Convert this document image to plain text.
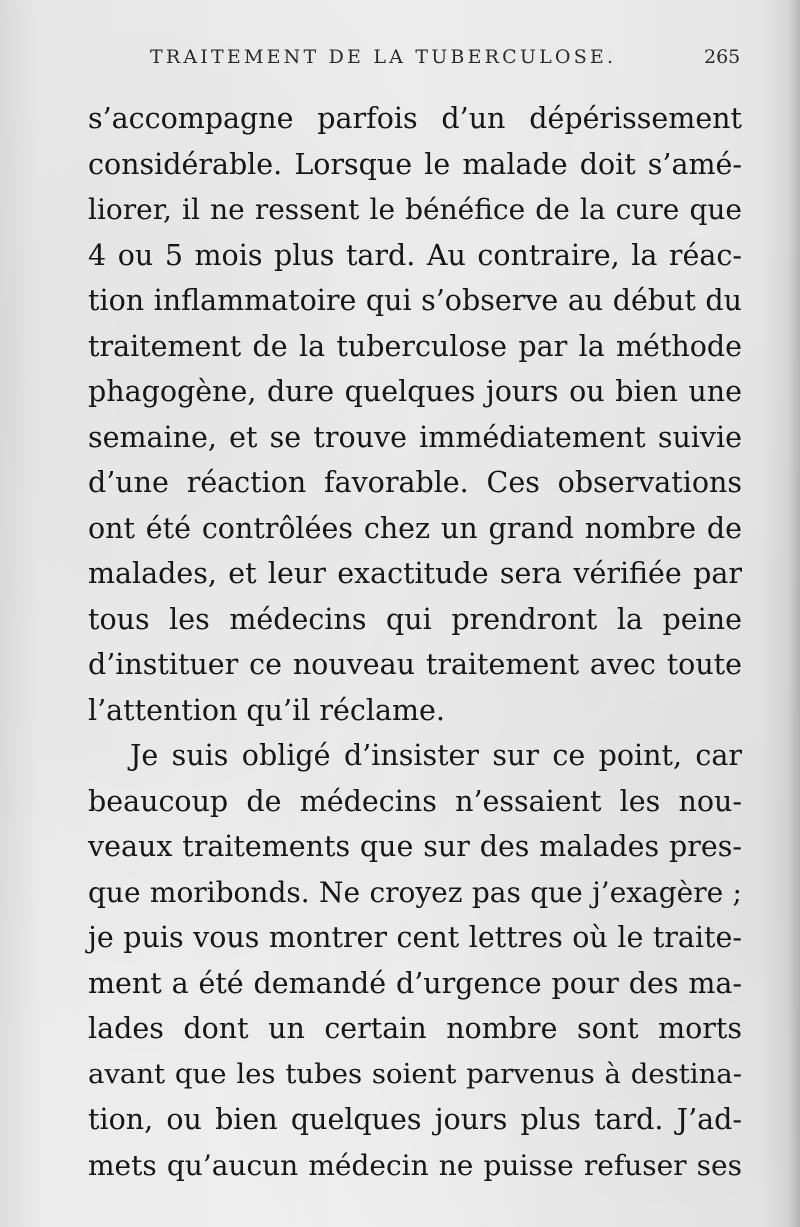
TRAITEMENT DE LA TUBERCULOSE.	265
s’accompagne parfois d’un dépérissement
considérable. Lorsque le malade doit s’amé-
liorer, il ne ressent le bénéfice de la cure que
4 ou 5 mois plus tard. Au contraire, la réac-
tion inflammatoire qui s’observe au début du
traitement de la tuberculose par la méthode
phagogène, dure quelques jours ou bien une
semaine, et se trouve immédiatement suivie
d’une réaction favorable. Ces observations
ont été contrôlées chez un grand nombre de
malades, et leur exactitude sera vérifiée par
tous les médecins qui prendront la peine
d’instituer ce nouveau traitement avec toute
l’attention qu’il réclame.
Je suis obligé d’insister sur ce point, car
beaucoup de médecins n’essaient les nou-
veaux traitements que sur des malades pres-
que moribonds. Ne croyez pas que j’exagère ;
je puis vous montrer cent lettres où le traite-
ment a été demandé d’urgence pour des ma-
lades dont un certain nombre sont morts
avant que les tubes soient parvenus à destina-
tion, ou bien quelques jours plus tard. J’ad-
mets qu’aucun médecin ne puisse refuser ses
